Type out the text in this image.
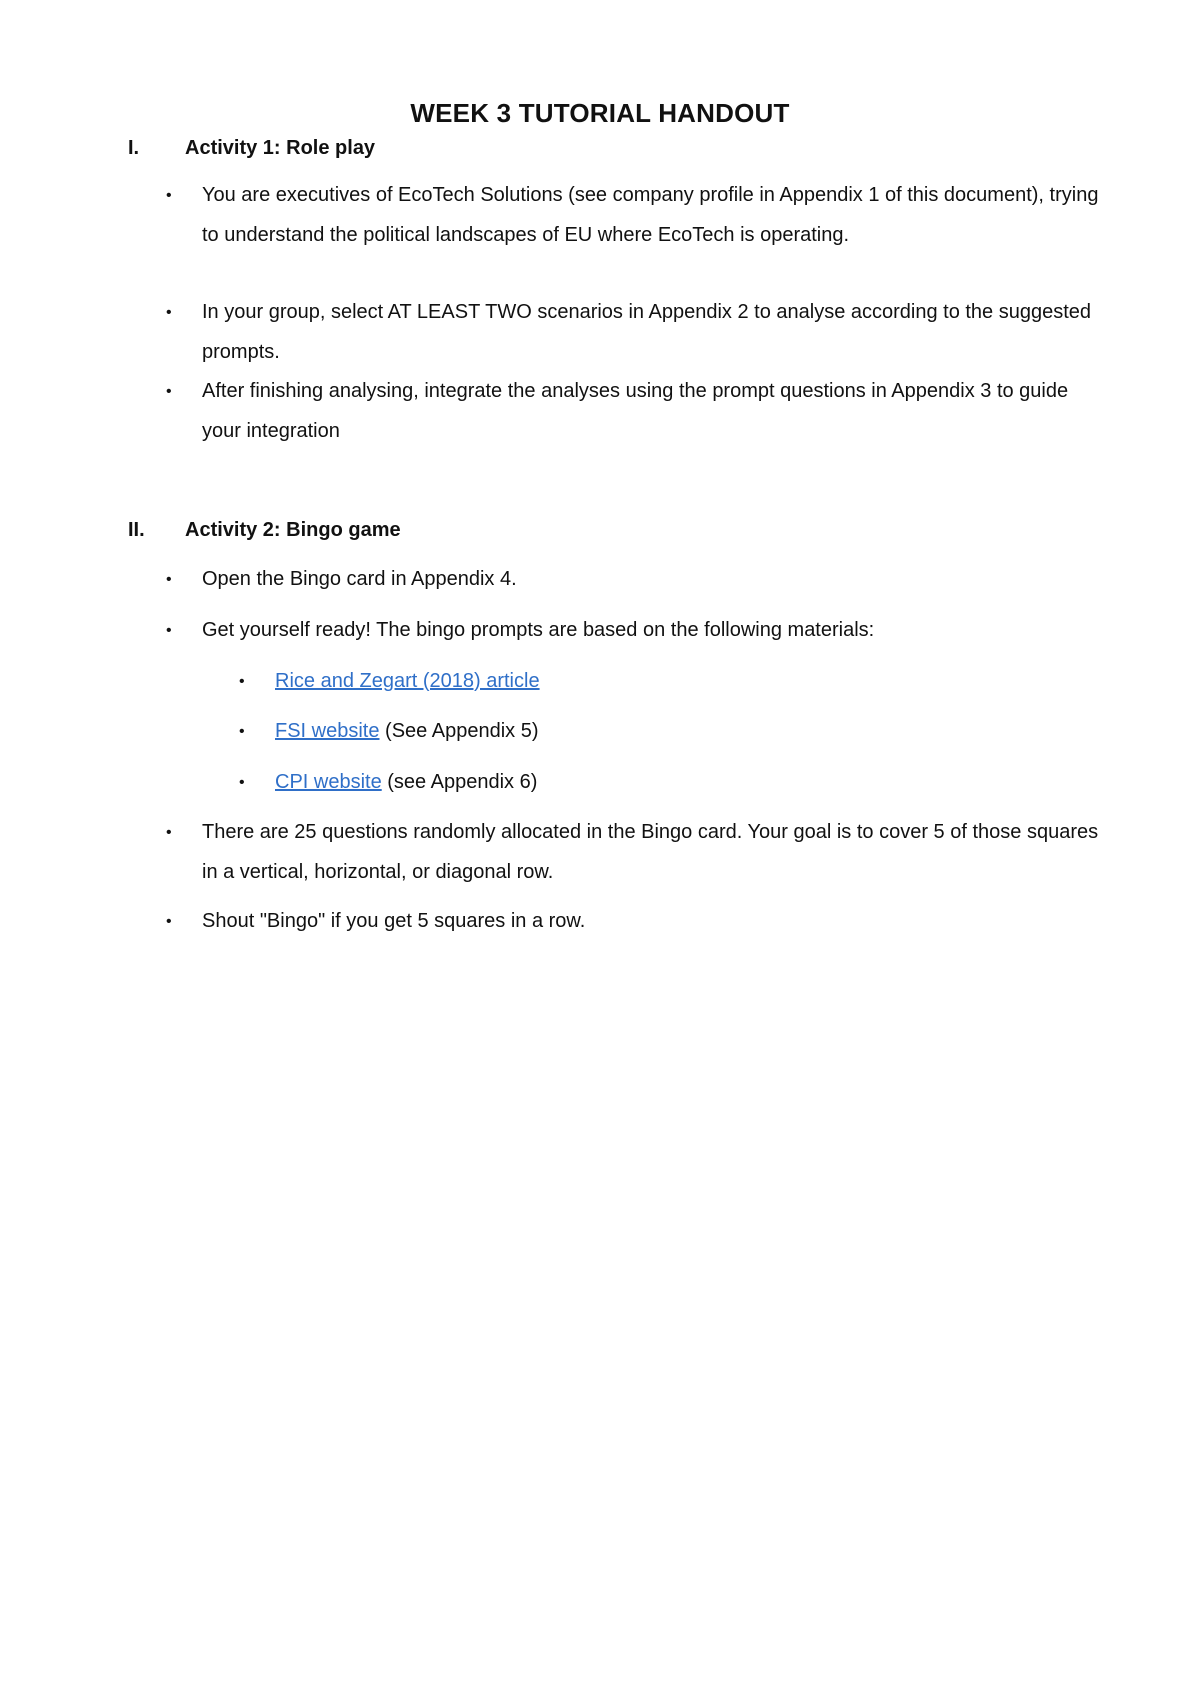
WEEK 3 TUTORIAL HANDOUT
I. Activity 1: Role play
• You are executives of EcoTech Solutions (see company profile in Appendix 1 of this document), trying to understand the political landscapes of EU where EcoTech is operating.
• In your group, select AT LEAST TWO scenarios in Appendix 2 to analyse according to the suggested prompts.
• After finishing analysing, integrate the analyses using the prompt questions in Appendix 3 to guide your integration
II. Activity 2: Bingo game
• Open the Bingo card in Appendix 4.
• Get yourself ready! The bingo prompts are based on the following materials:
• Rice and Zegart (2018) article
• FSI website (See Appendix 5)
• CPI website (see Appendix 6)
• There are 25 questions randomly allocated in the Bingo card. Your goal is to cover 5 of those squares in a vertical, horizontal, or diagonal row.
• Shout "Bingo" if you get 5 squares in a row.
